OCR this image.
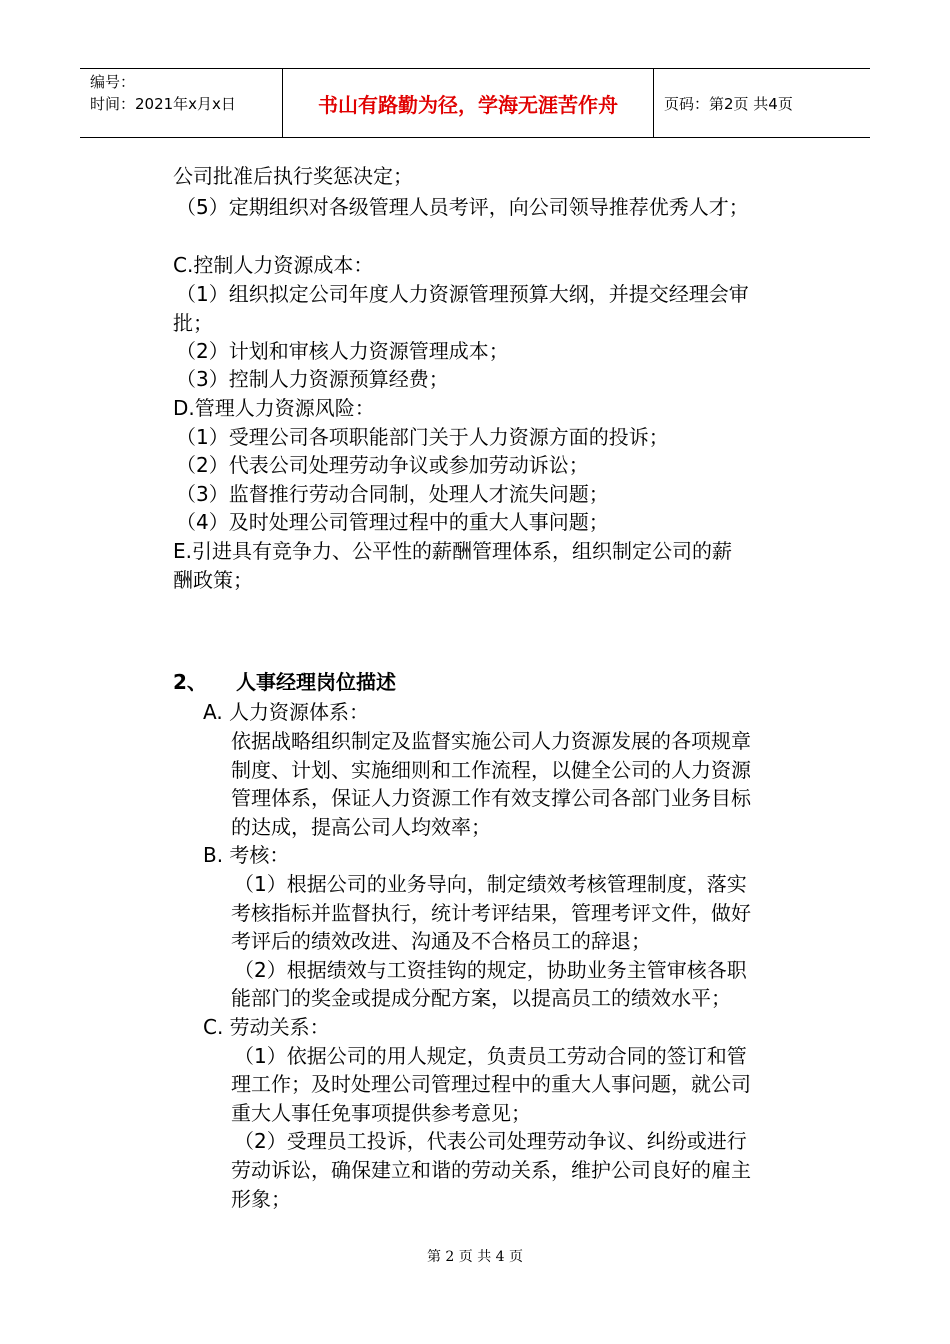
编号：
时间：2021年x月x日	书山有路勤为径，学海无涯苦作舟	页码：第2页 共4页
公司批准后执行奖惩决定；
（5）定期组织对各级管理人员考评，向公司领导推荐优秀人才；
C.控制人力资源成本：
（1）组织拟定公司年度人力资源管理预算大纲，并提交经理会审
批；
（2）计划和审核人力资源管理成本；
（3）控制人力资源预算经费；
D.管理人力资源风险：
（1）受理公司各项职能部门关于人力资源方面的投诉；
（2）代表公司处理劳动争议或参加劳动诉讼；
（3）监督推行劳动合同制，处理人才流失问题；
（4）及时处理公司管理过程中的重大人事问题；
E.引进具有竞争力、公平性的薪酬管理体系，组织制定公司的薪
酬政策；
2、 人事经理岗位描述
A. 人力资源体系：
依据战略组织制定及监督实施公司人力资源发展的各项规章
制度、计划、实施细则和工作流程，以健全公司的人力资源
管理体系，保证人力资源工作有效支撑公司各部门业务目标
的达成，提高公司人均效率；
B. 考核：
（1）根据公司的业务导向，制定绩效考核管理制度，落实
考核指标并监督执行，统计考评结果，管理考评文件，做好
考评后的绩效改进、沟通及不合格员工的辞退；
（2）根据绩效与工资挂钩的规定，协助业务主管审核各职
能部门的奖金或提成分配方案，以提高员工的绩效水平；
C. 劳动关系：
（1）依据公司的用人规定，负责员工劳动合同的签订和管
理工作；及时处理公司管理过程中的重大人事问题，就公司
重大人事任免事项提供参考意见；
（2）受理员工投诉，代表公司处理劳动争议、纠纷或进行
劳动诉讼，确保建立和谐的劳动关系，维护公司良好的雇主
形象；
第 2 页 共 4 页
